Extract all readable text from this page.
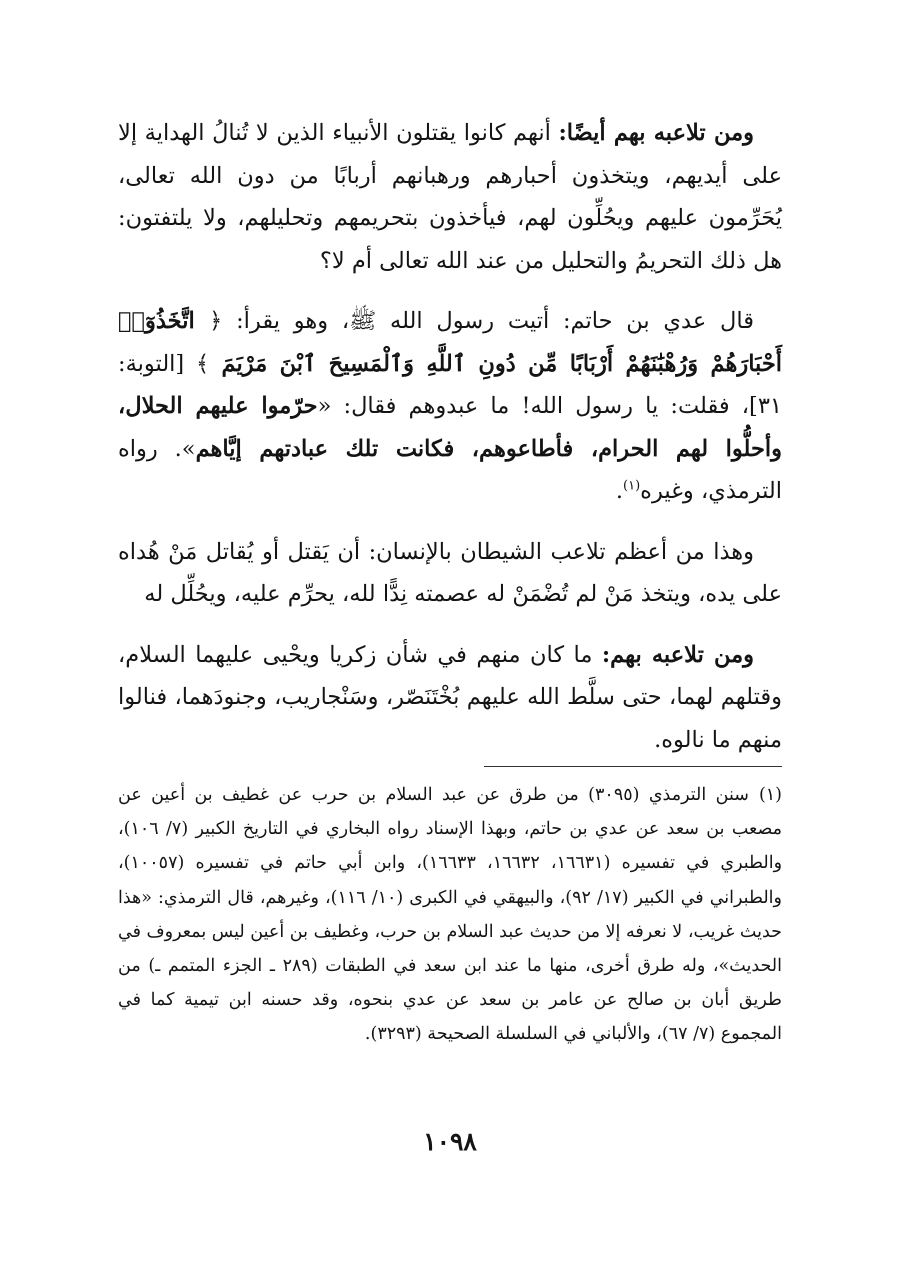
ومن تلاعبه بهم أيضًا: أنهم كانوا يقتلون الأنبياء الذين لا تُنالُ الهداية إلا على أيديهم، ويتخذون أحبارهم ورهبانهم أربابًا من دون الله تعالى، يُحَرِّمون عليهم ويحُلِّون لهم، فيأخذون بتحريمهم وتحليلهم، ولا يلتفتون: هل ذلك التحريمُ والتحليل من عند الله تعالى أم لا؟

قال عدي بن حاتم: أتيت رسول الله ﷺ، وهو يقرأ: ﴿ اتَّخَذُوٓا۟ أَحْبَارَهُمْ وَرُهْبَٰنَهُمْ أَرْبَابًا مِّن دُونِ ٱللَّهِ وَٱلْمَسِيحَ ٱبْنَ مَرْيَمَ ﴾ [التوبة: ٣١]، فقلت: يا رسول الله! ما عبدوهم فقال: «حرّموا عليهم الحلال، وأحلُّوا لهم الحرام، فأطاعوهم، فكانت تلك عبادتهم إيَّاهم». رواه الترمذي، وغيره$^{(١)}$.

وهذا من أعظم تلاعب الشيطان بالإنسان: أن يَقتل أو يُقاتل مَنْ هُداه على يده، ويتخذ مَنْ لم تُضْمَنْ له عصمته نِدًّا لله، يحرِّم عليه، ويحُلِّل له

ومن تلاعبه بهم: ما كان منهم في شأن زكريا ويحْيى عليهما السلام، وقتلهم لهما، حتى سلَّط الله عليهم بُخْتَنَصّر، وسَنْجاريب، وجنودَهما، فنالوا منهم ما نالوه.

(١)سنن الترمذي (٣٠٩٥) من طرق عن عبد السلام بن حرب عن غطيف بن أعين عن مصعب بن سعد عن عدي بن حاتم، وبهذا الإسناد رواه البخاري في التاريخ الكبير (٧/ ١٠٦)، والطبري في تفسيره (١٦٦٣١، ١٦٦٣٢، ١٦٦٣٣)، وابن أبي حاتم في تفسيره (١٠٠٥٧)، والطبراني في الكبير (١٧/ ٩٢)، والبيهقي في الكبرى (١٠/ ١١٦)، وغيرهم، قال الترمذي: «هذا حديث غريب، لا نعرفه إلا من حديث عبد السلام بن حرب، وغطيف بن أعين ليس بمعروف في الحديث»، وله طرق أخرى، منها ما عند ابن سعد في الطبقات (٢٨٩ ـ الجزء المتمم ـ) من طريق أبان بن صالح عن عامر بن سعد عن عدي بنحوه، وقد حسنه ابن تيمية كما في المجموع (٧/ ٦٧)، والألباني في السلسلة الصحيحة (٣٢٩٣).
١٠٩٨
